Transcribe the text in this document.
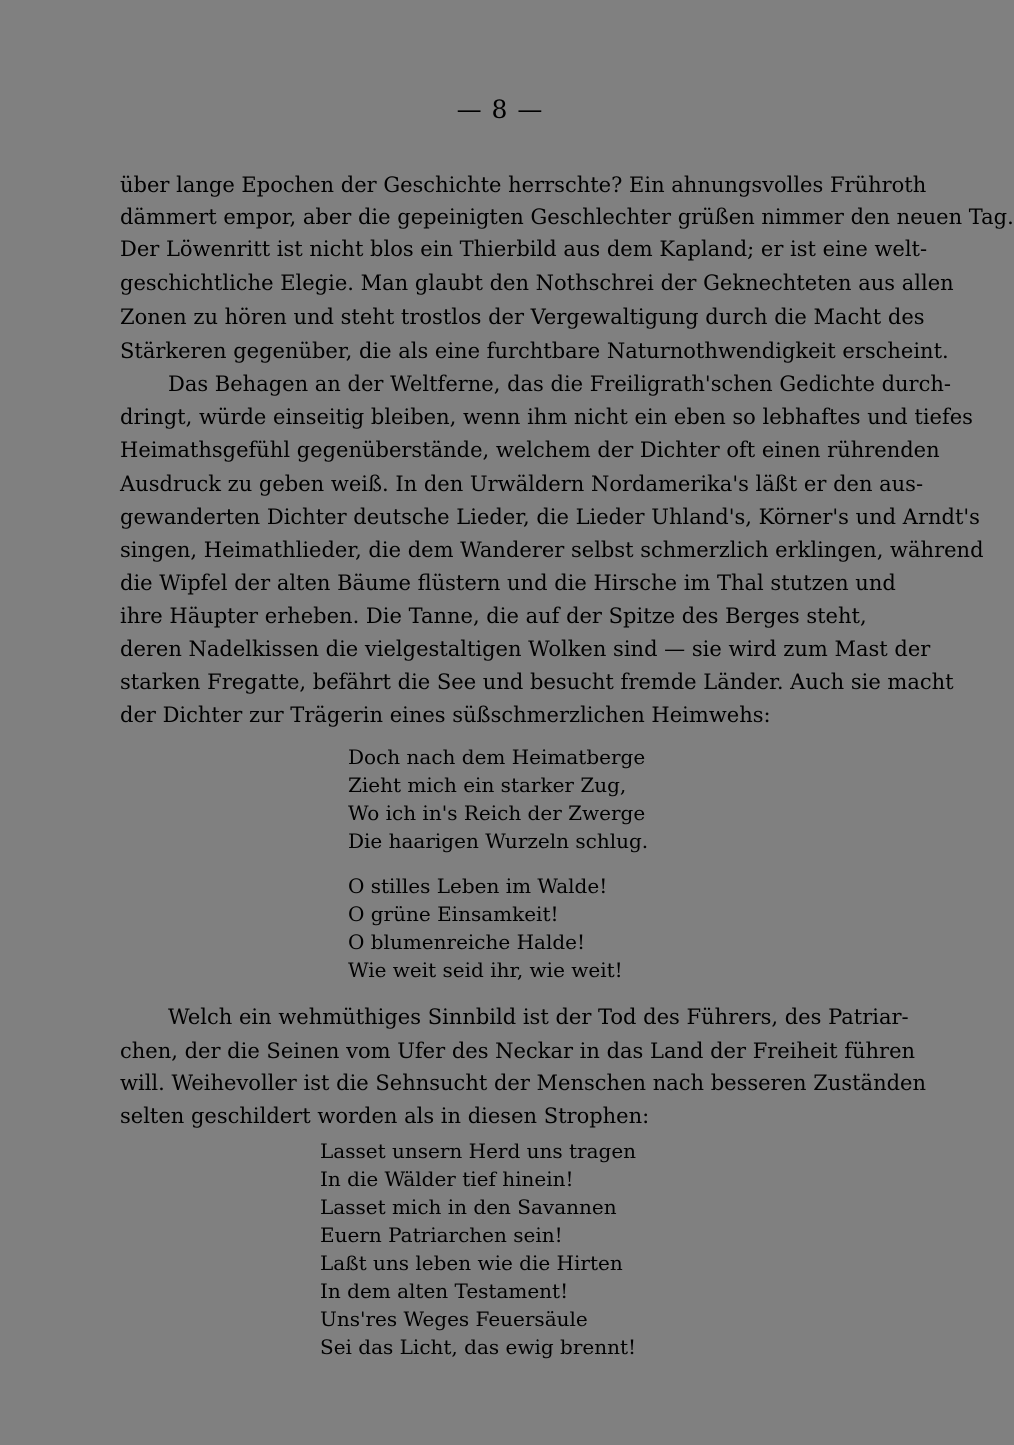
— 8 —
über lange Epochen der Geschichte herrschte? Ein ahnungsvolles Frühroth
dämmert empor, aber die gepeinigten Geschlechter grüßen nimmer den neuen Tag.
Der Löwenritt ist nicht blos ein Thierbild aus dem Kapland; er ist eine welt-
geschichtliche Elegie. Man glaubt den Nothschrei der Geknechteten aus allen
Zonen zu hören und steht trostlos der Vergewaltigung durch die Macht des
Stärkeren gegenüber, die als eine furchtbare Naturnothwendigkeit erscheint.
Das Behagen an der Weltferne, das die Freiligrath'schen Gedichte durch-
dringt, würde einseitig bleiben, wenn ihm nicht ein eben so lebhaftes und tiefes
Heimathsgefühl gegenüberstände, welchem der Dichter oft einen rührenden
Ausdruck zu geben weiß. In den Urwäldern Nordamerika's läßt er den aus-
gewanderten Dichter deutsche Lieder, die Lieder Uhland's, Körner's und Arndt's
singen, Heimathlieder, die dem Wanderer selbst schmerzlich erklingen, während
die Wipfel der alten Bäume flüstern und die Hirsche im Thal stutzen und
ihre Häupter erheben. Die Tanne, die auf der Spitze des Berges steht,
deren Nadelkissen die vielgestaltigen Wolken sind — sie wird zum Mast der
starken Fregatte, befährt die See und besucht fremde Länder. Auch sie macht
der Dichter zur Trägerin eines süßschmerzlichen Heimwehs:
Doch nach dem Heimatberge
Zieht mich ein starker Zug,
Wo ich in's Reich der Zwerge
Die haarigen Wurzeln schlug.
O stilles Leben im Walde!
O grüne Einsamkeit!
O blumenreiche Halde!
Wie weit seid ihr, wie weit!
Welch ein wehmüthiges Sinnbild ist der Tod des Führers, des Patriar-
chen, der die Seinen vom Ufer des Neckar in das Land der Freiheit führen
will. Weihevoller ist die Sehnsucht der Menschen nach besseren Zuständen
selten geschildert worden als in diesen Strophen:
Lasset unsern Herd uns tragen
In die Wälder tief hinein!
Lasset mich in den Savannen
Euern Patriarchen sein!
Laßt uns leben wie die Hirten
In dem alten Testament!
Uns'res Weges Feuersäule
Sei das Licht, das ewig brennt!
